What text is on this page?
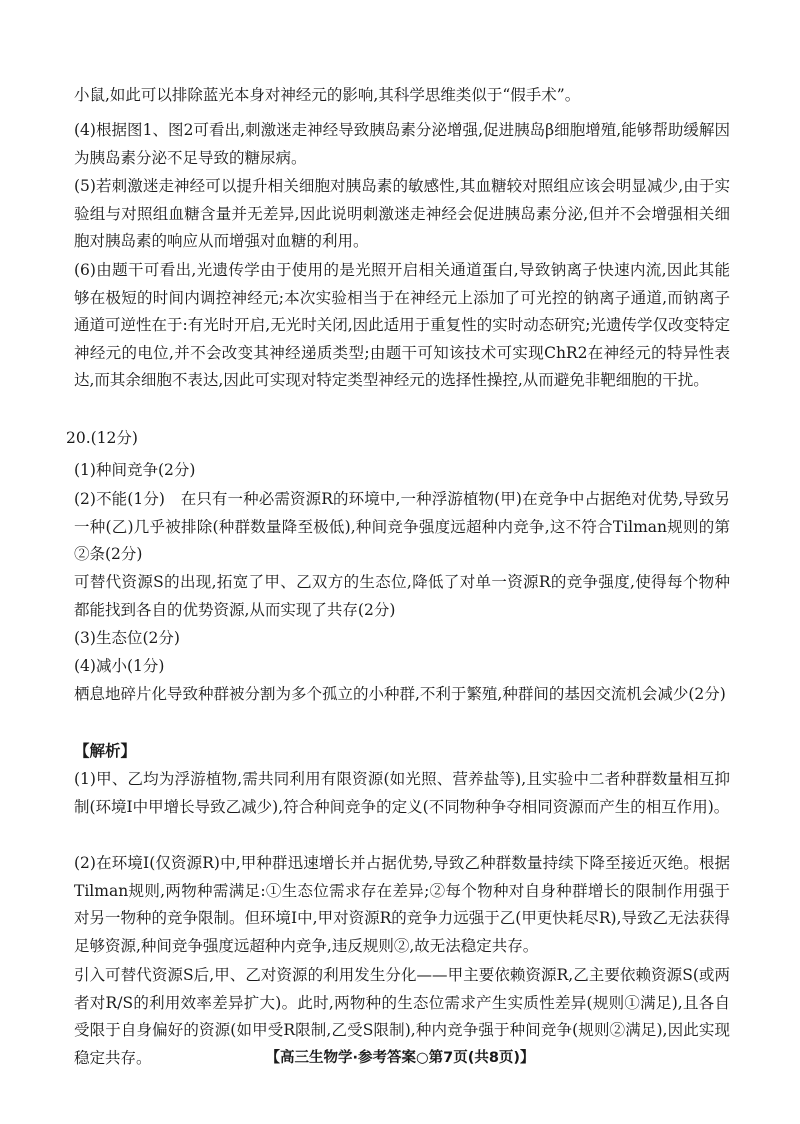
小鼠,如此可以排除蓝光本身对神经元的影响,其科学思维类似于“假手术”。
(4)根据图1、图2可看出,刺激迷走神经导致胰岛素分泌增强,促进胰岛β细胞增殖,能够帮助缓解因为胰岛素分泌不足导致的糖尿病。
(5)若刺激迷走神经可以提升相关细胞对胰岛素的敏感性,其血糖较对照组应该会明显减少,由于实验组与对照组血糖含量并无差异,因此说明刺激迷走神经会促进胰岛素分泌,但并不会增强相关细胞对胰岛素的响应从而增强对血糖的利用。
(6)由题干可看出,光遗传学由于使用的是光照开启相关通道蛋白,导致钠离子快速内流,因此其能够在极短的时间内调控神经元;本次实验相当于在神经元上添加了可光控的钠离子通道,而钠离子通道可逆性在于:有光时开启,无光时关闭,因此适用于重复性的实时动态研究;光遗传学仅改变特定神经元的电位,并不会改变其神经递质类型;由题干可知该技术可实现ChR2在神经元的特异性表达,而其余细胞不表达,因此可实现对特定类型神经元的选择性操控,从而避免非靶细胞的干扰。
20.(12分)
(1)种间竞争(2分)
(2)不能(1分)　在只有一种必需资源R的环境中,一种浮游植物(甲)在竞争中占据绝对优势,导致另一种(乙)几乎被排除(种群数量降至极低),种间竞争强度远超种内竞争,这不符合Tilman规则的第②条(2分)
可替代资源S的出现,拓宽了甲、乙双方的生态位,降低了对单一资源R的竞争强度,使得每个物种都能找到各自的优势资源,从而实现了共存(2分)
(3)生态位(2分)
(4)减小(1分)
栖息地碎片化导致种群被分割为多个孤立的小种群,不利于繁殖,种群间的基因交流机会减少(2分)
【解析】
(1)甲、乙均为浮游植物,需共同利用有限资源(如光照、营养盐等),且实验中二者种群数量相互抑制(环境Ⅰ中甲增长导致乙减少),符合种间竞争的定义(不同物种争夺相同资源而产生的相互作用)。
(2)在环境Ⅰ(仅资源R)中,甲种群迅速增长并占据优势,导致乙种群数量持续下降至接近灭绝。根据Tilman规则,两物种需满足:①生态位需求存在差异;②每个物种对自身种群增长的限制作用强于对另一物种的竞争限制。但环境Ⅰ中,甲对资源R的竞争力远强于乙(甲更快耗尽R),导致乙无法获得足够资源,种间竞争强度远超种内竞争,违反规则②,故无法稳定共存。
引入可替代资源S后,甲、乙对资源的利用发生分化——甲主要依赖资源R,乙主要依赖资源S(或两者对R/S的利用效率差异扩大)。此时,两物种的生态位需求产生实质性差异(规则①满足),且各自受限于自身偏好的资源(如甲受R限制,乙受S限制),种内竞争强于种间竞争(规则②满足),因此实现稳定共存。	【高三生物学·参考答案○第7页(共8页)】
